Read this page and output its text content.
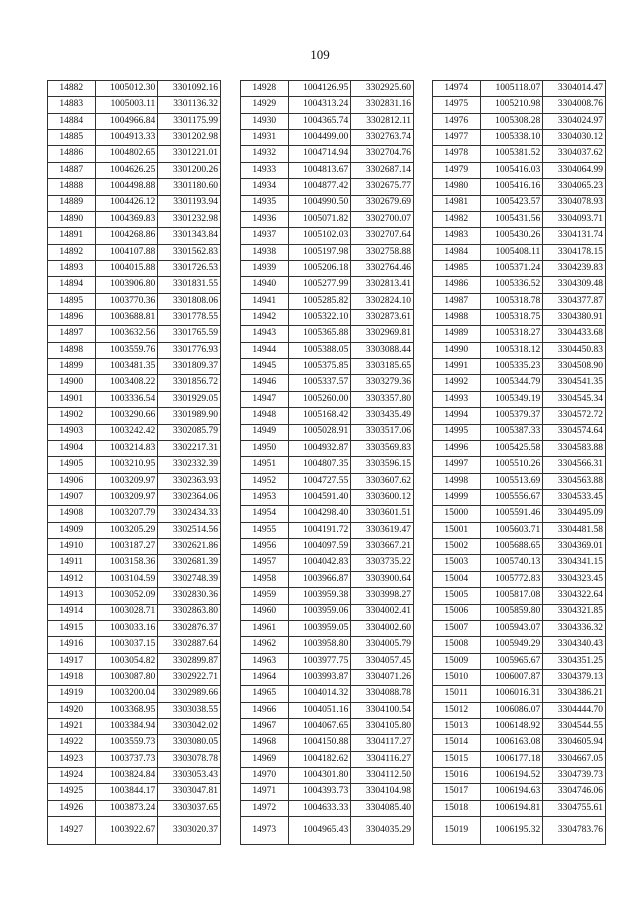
109
14882	1005012.30	3301092.16
14883	1005003.11	3301136.32
14884	1004966.84	3301175.99
14885	1004913.33	3301202.98
14886	1004802.65	3301221.01
14887	1004626.25	3301200.26
14888	1004498.88	3301180.60
14889	1004426.12	3301193.94
14890	1004369.83	3301232.98
14891	1004268.86	3301343.84
14892	1004107.88	3301562.83
14893	1004015.88	3301726.53
14894	1003906.80	3301831.55
14895	1003770.36	3301808.06
14896	1003688.81	3301778.55
14897	1003632.56	3301765.59
14898	1003559.76	3301776.93
14899	1003481.35	3301809.37
14900	1003408.22	3301856.72
14901	1003336.54	3301929.05
14902	1003290.66	3301989.90
14903	1003242.42	3302085.79
14904	1003214.83	3302217.31
14905	1003210.95	3302332.39
14906	1003209.97	3302363.93
14907	1003209.97	3302364.06
14908	1003207.79	3302434.33
14909	1003205.29	3302514.56
14910	1003187.27	3302621.86
14911	1003158.36	3302681.39
14912	1003104.59	3302748.39
14913	1003052.09	3302830.36
14914	1003028.71	3302863.80
14915	1003033.16	3302876.37
14916	1003037.15	3302887.64
14917	1003054.82	3302899.87
14918	1003087.80	3302922.71
14919	1003200.04	3302989.66
14920	1003368.95	3303038.55
14921	1003384.94	3303042.02
14922	1003559.73	3303080.05
14923	1003737.73	3303078.78
14924	1003824.84	3303053.43
14925	1003844.17	3303047.81
14926	1003873.24	3303037.65
14927	1003922.67	3303020.37
14928	1004126.95	3302925.60
14929	1004313.24	3302831.16
14930	1004365.74	3302812.11
14931	1004499.00	3302763.74
14932	1004714.94	3302704.76
14933	1004813.67	3302687.14
14934	1004877.42	3302675.77
14935	1004990.50	3302679.69
14936	1005071.82	3302700.07
14937	1005102.03	3302707.64
14938	1005197.98	3302758.88
14939	1005206.18	3302764.46
14940	1005277.99	3302813.41
14941	1005285.82	3302824.10
14942	1005322.10	3302873.61
14943	1005365.88	3302969.81
14944	1005388.05	3303088.44
14945	1005375.85	3303185.65
14946	1005337.57	3303279.36
14947	1005260.00	3303357.80
14948	1005168.42	3303435.49
14949	1005028.91	3303517.06
14950	1004932.87	3303569.83
14951	1004807.35	3303596.15
14952	1004727.55	3303607.62
14953	1004591.40	3303600.12
14954	1004298.40	3303601.51
14955	1004191.72	3303619.47
14956	1004097.59	3303667.21
14957	1004042.83	3303735.22
14958	1003966.87	3303900.64
14959	1003959.38	3303998.27
14960	1003959.06	3304002.41
14961	1003959.05	3304002.60
14962	1003958.80	3304005.79
14963	1003977.75	3304057.45
14964	1003993.87	3304071.26
14965	1004014.32	3304088.78
14966	1004051.16	3304100.54
14967	1004067.65	3304105.80
14968	1004150.88	3304117.27
14969	1004182.62	3304116.27
14970	1004301.80	3304112.50
14971	1004393.73	3304104.98
14972	1004633.33	3304085.40
14973	1004965.43	3304035.29
14974	1005118.07	3304014.47
14975	1005210.98	3304008.76
14976	1005308.28	3304024.97
14977	1005338.10	3304030.12
14978	1005381.52	3304037.62
14979	1005416.03	3304064.99
14980	1005416.16	3304065.23
14981	1005423.57	3304078.93
14982	1005431.56	3304093.71
14983	1005430.26	3304131.74
14984	1005408.11	3304178.15
14985	1005371.24	3304239.83
14986	1005336.52	3304309.48
14987	1005318.78	3304377.87
14988	1005318.75	3304380.91
14989	1005318.27	3304433.68
14990	1005318.12	3304450.83
14991	1005335.23	3304508.90
14992	1005344.79	3304541.35
14993	1005349.19	3304545.34
14994	1005379.37	3304572.72
14995	1005387.33	3304574.64
14996	1005425.58	3304583.88
14997	1005510.26	3304566.31
14998	1005513.69	3304563.88
14999	1005556.67	3304533.45
15000	1005591.46	3304495.09
15001	1005603.71	3304481.58
15002	1005688.65	3304369.01
15003	1005740.13	3304341.15
15004	1005772.83	3304323.45
15005	1005817.08	3304322.64
15006	1005859.80	3304321.85
15007	1005943.07	3304336.32
15008	1005949.29	3304340.43
15009	1005965.67	3304351.25
15010	1006007.87	3304379.13
15011	1006016.31	3304386.21
15012	1006086.07	3304444.70
15013	1006148.92	3304544.55
15014	1006163.08	3304605.94
15015	1006177.18	3304667.05
15016	1006194.52	3304739.73
15017	1006194.63	3304746.06
15018	1006194.81	3304755.61
15019	1006195.32	3304783.76
